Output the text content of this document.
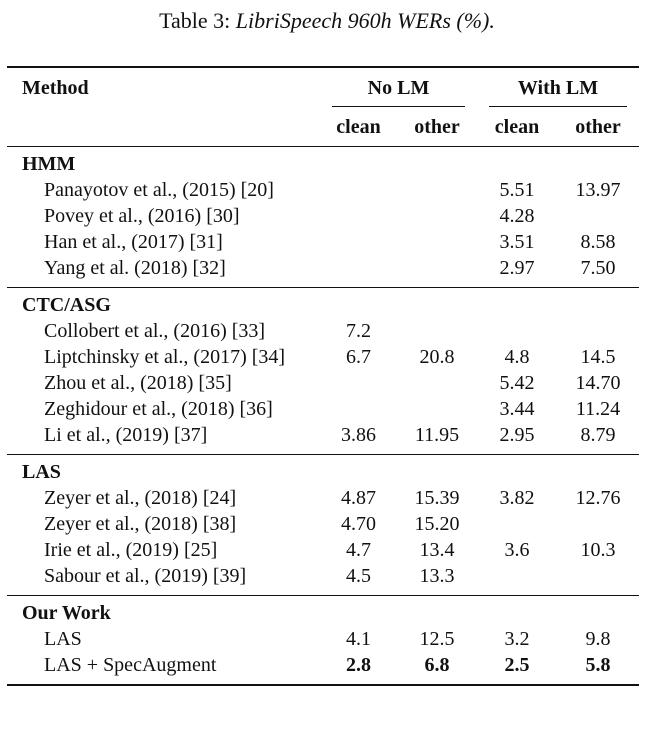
Table 3: LibriSpeech 960h WERs (%).

Method	No LM		With LM	

	clean	other	clean	other
HMM				
Panayotov et al., (2015) [20]			5.51	13.97
Povey et al., (2016) [30]			4.28	
Han et al., (2017) [31]			3.51	8.58
Yang et al. (2018) [32]			2.97	7.50

CTC/ASG				
Collobert et al., (2016) [33]	7.2			
Liptchinsky et al., (2017) [34]	6.7	20.8	4.8	14.5
Zhou et al., (2018) [35]			5.42	14.70
Zeghidour et al., (2018) [36]			3.44	11.24
Li et al., (2019) [37]	3.86	11.95	2.95	8.79

LAS				
Zeyer et al., (2018) [24]	4.87	15.39	3.82	12.76
Zeyer et al., (2018) [38]	4.70	15.20		
Irie et al., (2019) [25]	4.7	13.4	3.6	10.3
Sabour et al., (2019) [39]	4.5	13.3		

Our Work				
LAS	4.1	12.5	3.2	9.8
LAS + SpecAugment	2.8	6.8	2.5	5.8
